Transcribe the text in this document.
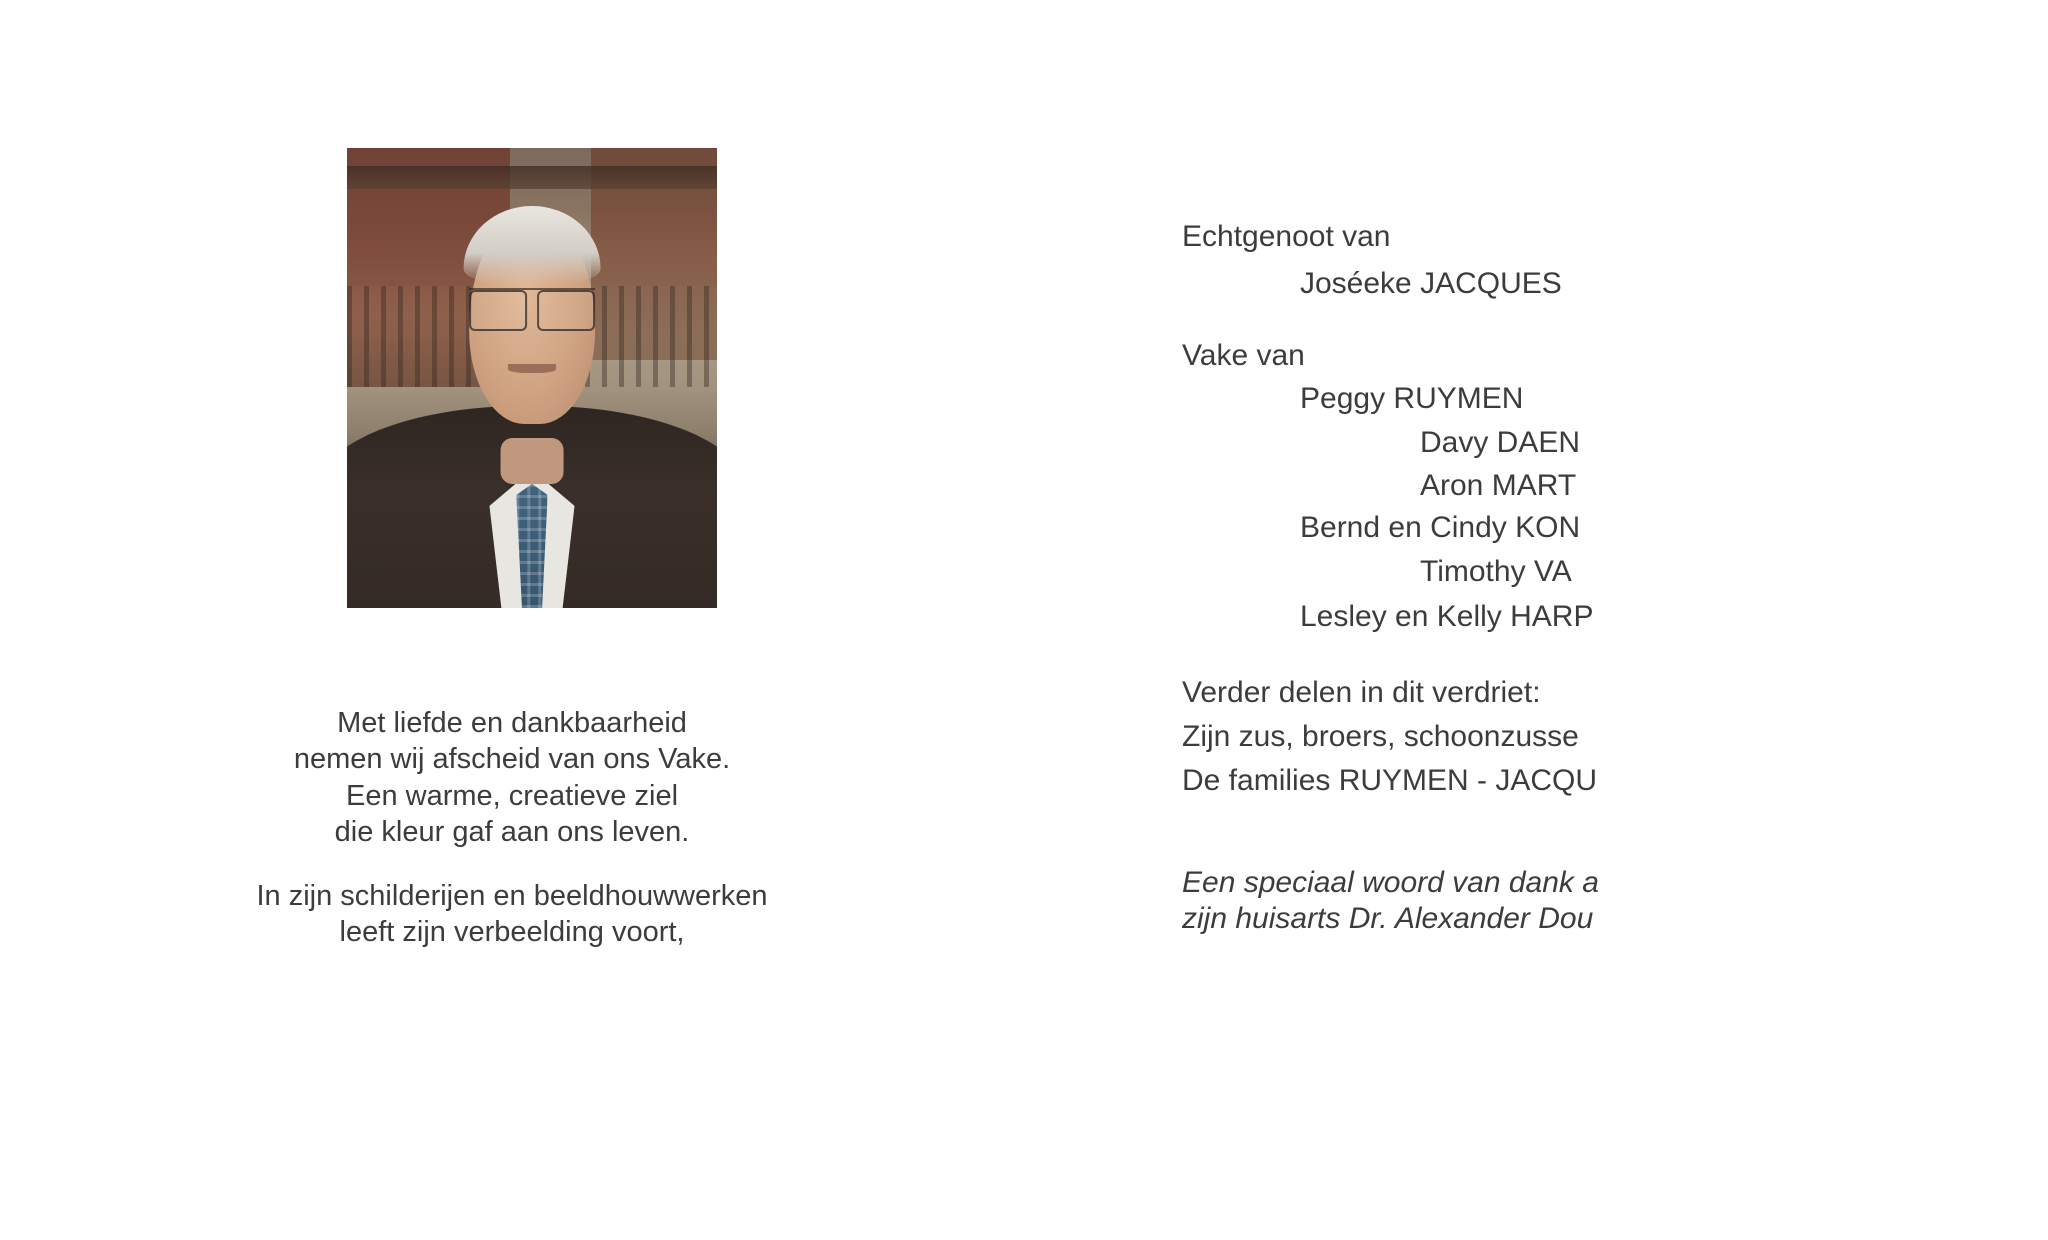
Met liefde en dankbaarheid

nemen wij afscheid van ons Vake.

Een warme, creatieve ziel

die kleur gaf aan ons leven.

In zijn schilderijen en beeldhouwwerken

leeft zijn verbeelding voort,

Echtgenoot van
Joséeke JACQUES
Vake van
Peggy RUYMEN
Davy DAEN
Aron MART
Bernd en Cindy KON
Timothy VA
Lesley en Kelly HARP
Verder delen in dit verdriet:
Zijn zus, broers, schoonzusse
De families RUYMEN - JACQU
Een speciaal woord van dank a
zijn huisarts Dr. Alexander Dou
